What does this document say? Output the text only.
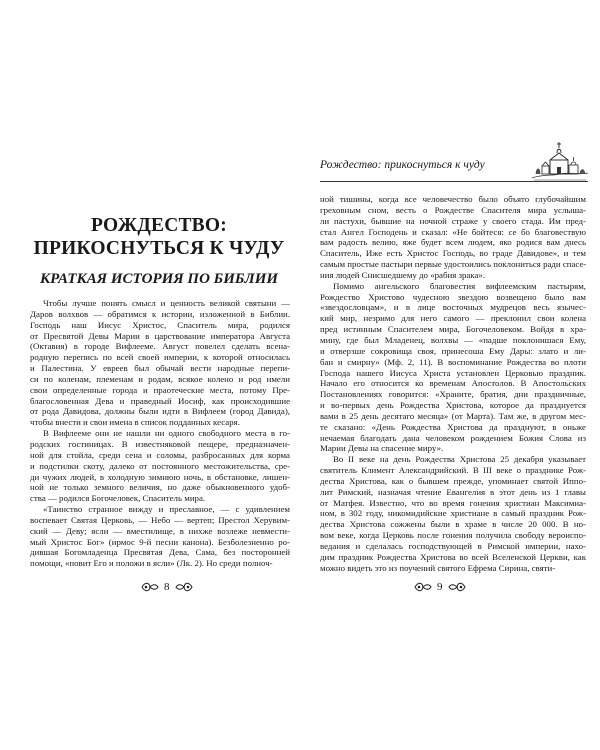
РОЖДЕСТВО:
ПРИКОСНУТЬСЯ К ЧУДУ
КРАТКАЯ ИСТОРИЯ ПО БИБЛИИ
Чтобы лучше понять смысл и ценность великой святыни —
Даров волхвов — обратимся к истории, изложенной в Библии.
Господь наш Иисус Христос, Спаситель мира, родился
от Пресвятой Девы Марии в царствование императора Августа
(Октавия) в городе Вифлееме. Август повелел сделать всена-
родную перепись по всей своей империи, к которой относилась
и Палестина. У евреев был обычай вести народные перепи-
си по коленам, племенам и родам, всякое колено и род имели
свои определенные города и праотеческие места, потому Пре-
благословенная Дева и праведный Иосиф, как происходившие
от рода Давидова, должны были идти в Вифлеем (город Давида),
чтобы внести и свои имена в список подданных кесаря.
В Вифлееме они не нашли ни одного свободного места в го-
родских гостиницах. В известняковой пещере, предназначен-
ной для стойла, среди сена и соломы, разбросанных для корма
и подстилки скоту, далеко от постоянного местожительства, сре-
ди чужих людей, в холодную зимнюю ночь, в обстановке, лишен-
ной не только земного величия, но даже обыкновенного удоб-
ства — родился Богочеловек, Спаситель мира.
«Таинство странное вижду и преславное, — с удивлением
воспевает Святая Церковь, — Небо — вертеп; Престол Херувим-
ский — Деву; ясли — вместилище, в нихже возлеже невмести-
мый Христос Бог» (ирмос 9-й песни канона). Безболезненно ро-
дившая Богомладенца Пресвятая Дева, Сама, без посторонней
помощи, «повит Его и положи в ясли» (Лк. 2). Но среди полноч-
8
Рождество: прикоснуться к чуду
ной тишины, когда все человечество было объято глубочайшим
греховным сном, весть о Рождестве Спасителя мира услыша-
ли пастухи, бывшие на ночной страже у своего стада. Им пред-
стал Ангел Господень и сказал: «Не бойтеся: се бо благовествую
вам радость велию, яже будет всем людем, яко родися вам днесь
Спаситель, Иже есть Христос Господь, во граде Давидове», и тем
самым простые пастыри первые удостоились поклониться ради спасе-
ния людей Снисшедшему до «рабия зрака».
Помимо ангельского благовестия вифлеемским пастырям,
Рождество Христово чудесною звездою возвещено было вам
«звездословцам», и в лице восточных мудрецов весь язычес-
кий мир, незримо для него самого — преклонил свои колена
пред истинным Спасителем мира, Богочеловеком. Войдя в хра-
мину, где был Младенец, волхвы — «падше поклонишася Ему,
и отверзше сокровища своя, принесоша Ему Дары: злато и ли-
бан и смирну» (Мф. 2, 11). В воспоминание Рождества во плоти
Господа нашего Иисуса Христа установлен Церковью праздник.
Начало его относится ко временам Апостолов. В Апостольских
Постановлениях говорится: «Храните, братия, дни праздничные,
и во-первых день Рождества Христова, которое да празднуется
вами в 25 день десятаго месяца» (от Марта). Там же, в другом мес-
те сказано: «День Рождества Христова да празднуют, в оньже
нечаемая благодать дана человеком рождением Божия Слова из
Марии Девы на спасение миру».
Во II веке на день Рождества Христова 25 декабря указывает
святитель Климент Александрийский. В III веке о празднике Рож-
дества Христова, как о бывшем прежде, упоминает святой Иппо-
лит Римский, назначая чтение Евангелия в этот день из 1 главы
от Матфея. Известно, что во время гонения христиан Максимиа-
ном, в 302 году, никомидийские христиане в самый праздник Рож-
дества Христова сожжены были в храме в числе 20 000. В но-
вом веке, когда Церковь после гонения получила свободу вероиспо-
ведания и сделалась господствующей в Римской империи, нахо-
дим праздник Рождества Христова во всей Вселенской Церкви, как
можно видеть это из поучений святого Ефрема Сирина, святи-
9
